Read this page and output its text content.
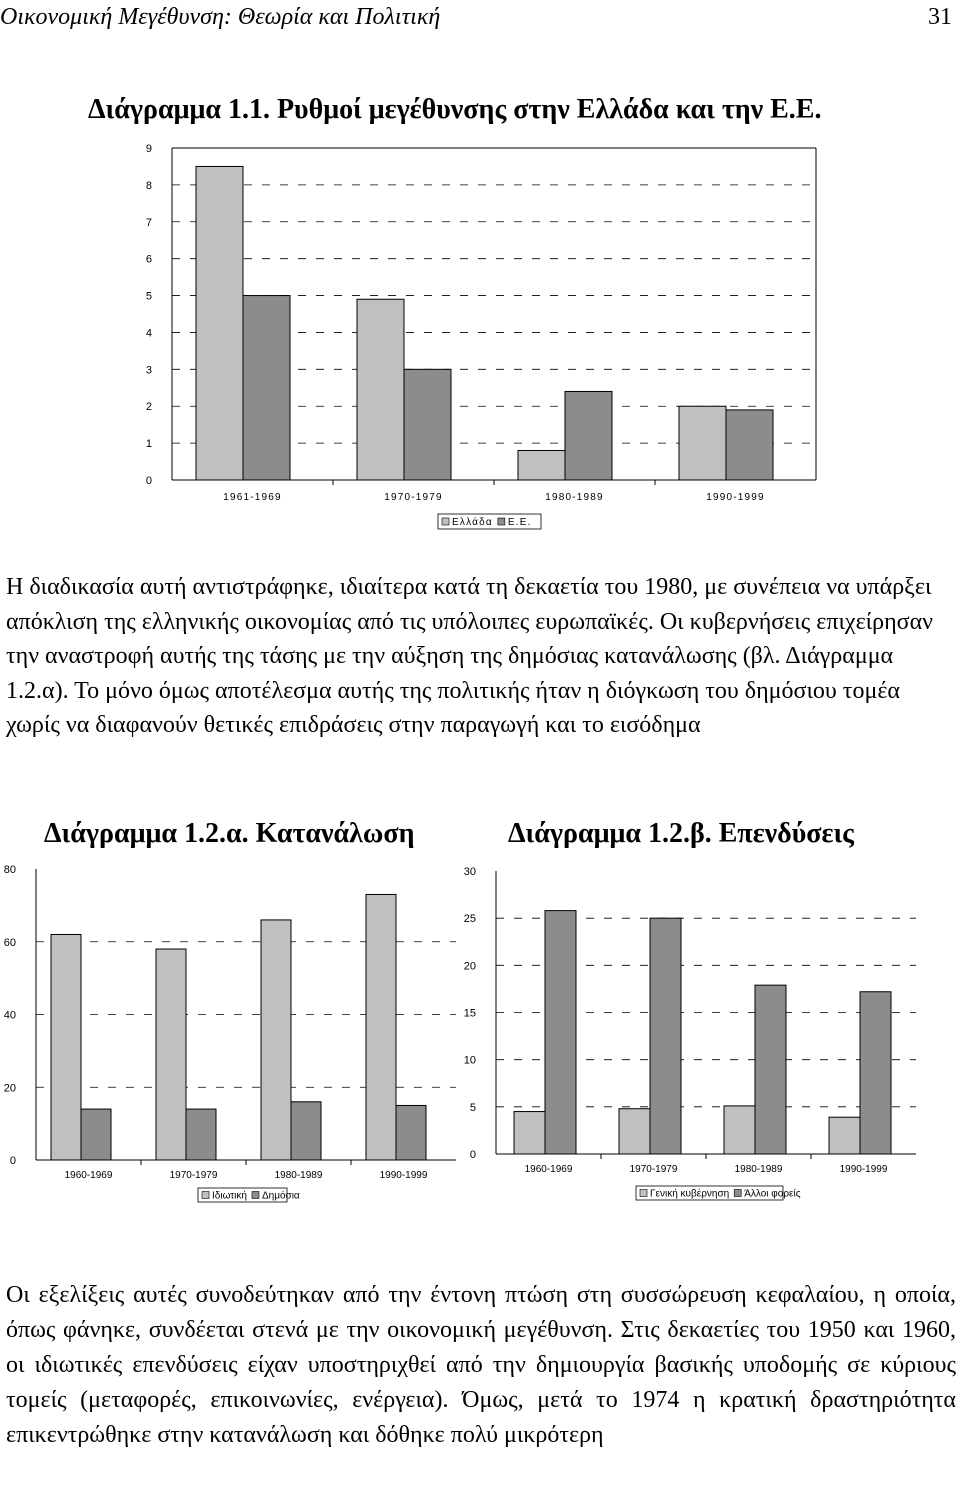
Οικονομική Μεγέθυνση: Θεωρία και Πολιτική	31
Διάγραμμα 1.1. Ρυθμοί μεγέθυνσης στην Ελλάδα και την Ε.Ε.
0
1
2
3
4
5
6
7
8
9
1961-1969	1970-1979	1980-1989	1990-1999
Ελλάδα Ε.Ε.

Η διαδικασία αυτή αντιστράφηκε, ιδιαίτερα κατά τη δεκαετία του 1980, με συνέπεια να υπάρξει απόκλιση της ελληνικής οικονομίας από τις υπόλοιπες ευρωπαϊκές. Οι κυβερνήσεις επιχείρησαν την αναστροφή αυτής της τάσης με την αύξηση της δημόσιας κατανάλωσης (βλ. Διάγραμμα 1.2.α). Το μόνο όμως αποτέλεσμα αυτής της πολιτικής ήταν η διόγκωση του δημόσιου τομέα χωρίς να διαφανούν θετικές επιδράσεις στην παραγωγή και το εισόδημα

Διάγραμμα 1.2.α. Κατανάλωση	Διάγραμμα 1.2.β. Επενδύσεις
0
20
40
60
80
1960-1969	1970-1979	1980-1989	1990-1999
Ιδιωτική Δημόσια
0
5
10
15
20
25
30
1960-1969	1970-1979	1980-1989	1990-1999
Γενική κυβέρνηση Άλλοι φορείς

Οι εξελίξεις αυτές συνοδεύτηκαν από την έντονη πτώση στη συσσώρευση κεφαλαίου, η οποία, όπως φάνηκε, συνδέεται στενά με την οικονομική μεγέθυνση. Στις δεκαετίες του 1950 και 1960, οι ιδιωτικές επενδύσεις είχαν υποστηριχθεί από την δημιουργία βασικής υποδομής σε κύριους τομείς (μεταφορές, επικοινωνίες, ενέργεια). Όμως, μετά το 1974 η κρατική δραστηριότητα επικεντρώθηκε στην κατανάλωση και δόθηκε πολύ μικρότερη
